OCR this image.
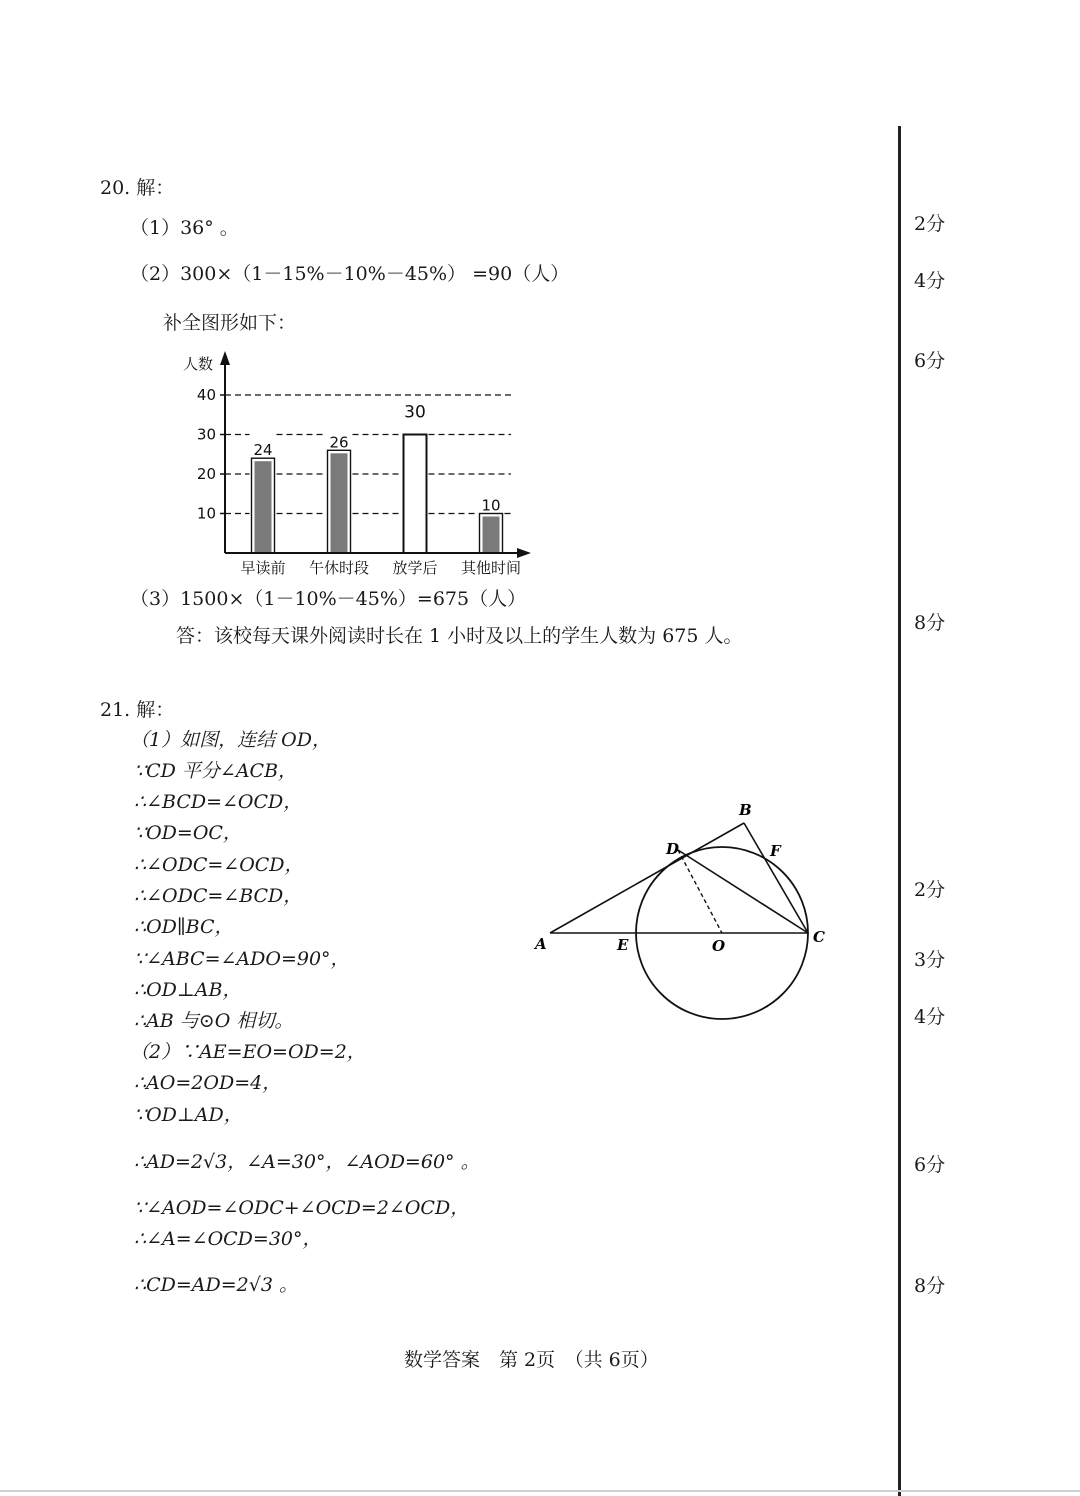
20. 解：
（1）36° 。
（2）300×（1－15%－10%－45%） =90（人）
补全图形如下：
10
20
30
40
24
早读前
26
午休时段
30
放学后
10
其他时间
人数
（3）1500×（1－10%－45%）=675（人）
答：该校每天课外阅读时长在 1 小时及以上的学生人数为 675 人。
21. 解：
（1）如图，连结 OD，
∵CD 平分∠ACB，
∴∠BCD=∠OCD，
∵OD=OC，
∴∠ODC=∠OCD，
∴∠ODC=∠BCD，
∴OD∥BC，
∵∠ABC=∠ADO=90°，
∴OD⊥AB，
∴AB 与⊙O 相切。
（2）∵AE=EO=OD=2，
∴AO=2OD=4，
∵OD⊥AD，
∴AD=2√3，∠A=30°，∠AOD=60° 。
∵∠AOD=∠ODC+∠OCD=2∠OCD，
∴∠A=∠OCD=30°，
∴CD=AD=2√3 。
A
B
C
D
E
F
O
2分
4分
6分
8分
2分
3分
4分
6分
8分
数学答案　第 2页　（共 6页）
